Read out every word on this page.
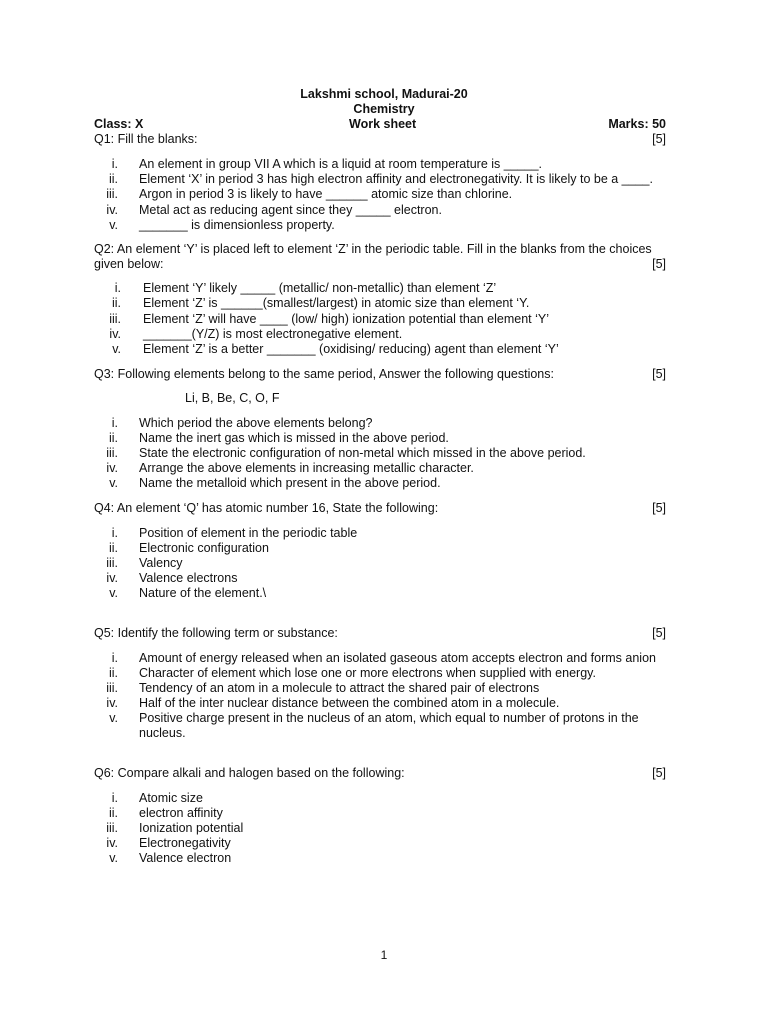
Lakshmi school, Madurai-20
Chemistry
Class: X	Work sheet	Marks: 50
Q1: Fill the blanks:	[5]
i. An element in group VII A which is a liquid at room temperature is _____.
ii. Element ‘X’ in period 3 has high electron affinity and electronegativity. It is likely to be a ____.
iii. Argon in period 3 is likely to have ______ atomic size than chlorine.
iv. Metal act as reducing agent since they _____ electron.
v. _______ is dimensionless property.
Q2: An element ‘Y’ is placed left to element ‘Z’ in the periodic table. Fill in the blanks from the choices
given below:	[5]
i. Element ‘Y’ likely _____ (metallic/ non-metallic) than element ‘Z’
ii. Element ‘Z’ is ______(smallest/largest) in atomic size than element ‘Y.
iii. Element ‘Z’ will have ____ (low/ high) ionization potential than element ‘Y’
iv. _______(Y/Z) is most electronegative element.
v. Element ‘Z’ is a better _______ (oxidising/ reducing) agent than element ‘Y’
Q3: Following elements belong to the same period, Answer the following questions:	[5]
Li, B, Be, C, O, F
i. Which period the above elements belong?
ii. Name the inert gas which is missed in the above period.
iii. State the electronic configuration of non-metal which missed in the above period.
iv. Arrange the above elements in increasing metallic character.
v. Name the metalloid which present in the above period.
Q4: An element ‘Q’ has atomic number 16, State the following:	[5]
i. Position of element in the periodic table
ii. Electronic configuration
iii. Valency
iv. Valence electrons
v. Nature of the element.\
Q5: Identify the following term or substance:	[5]
i. Amount of energy released when an isolated gaseous atom accepts electron and forms anion
ii. Character of element which lose one or more electrons when supplied with energy.
iii. Tendency of an atom in a molecule to attract the shared pair of electrons
iv. Half of the inter nuclear distance between the combined atom in a molecule.
v. Positive charge present in the nucleus of an atom, which equal to number of protons in the nucleus.
Q6: Compare alkali and halogen based on the following:	[5]
i. Atomic size
ii. electron affinity
iii. Ionization potential
iv. Electronegativity
v. Valence electron
1
